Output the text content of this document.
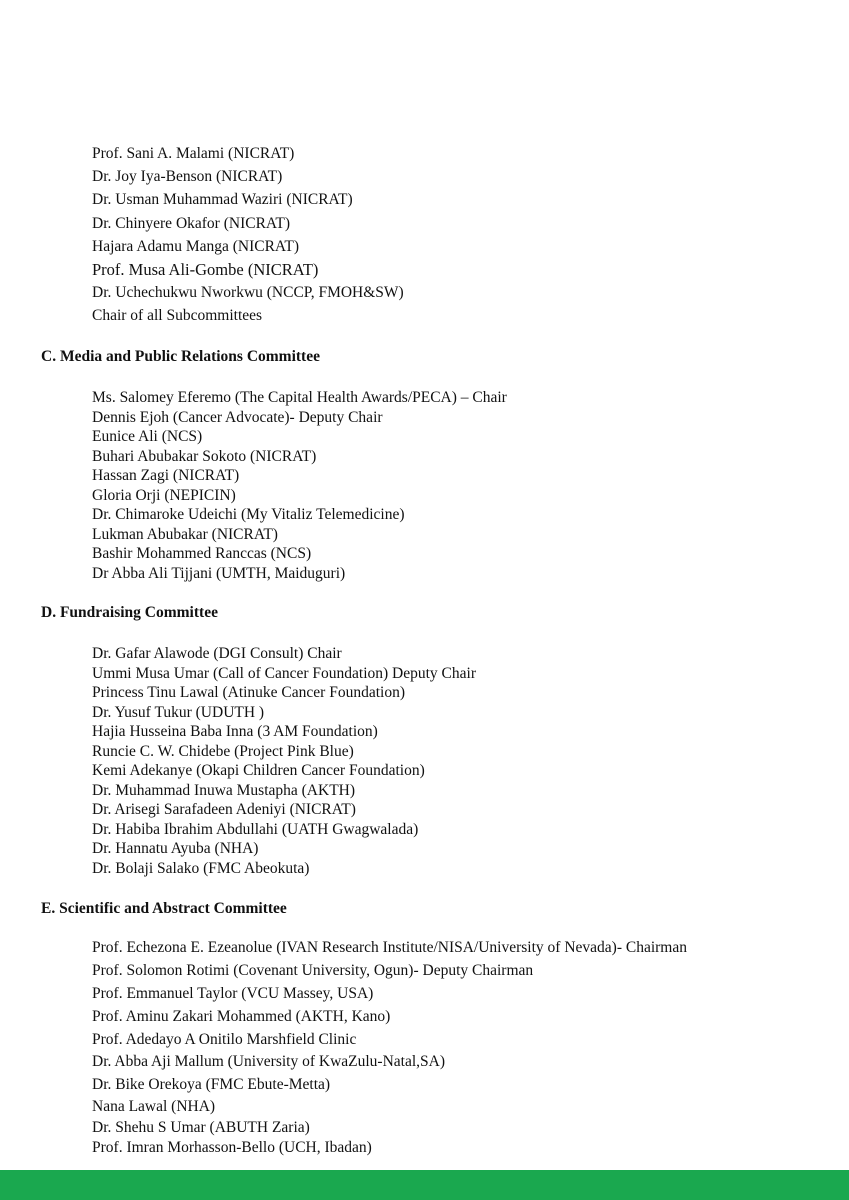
Prof. Sani A. Malami (NICRAT)
Dr. Joy Iya-Benson (NICRAT)
Dr. Usman Muhammad Waziri (NICRAT)
Dr. Chinyere Okafor (NICRAT)
Hajara Adamu Manga (NICRAT)
Prof. Musa Ali-Gombe (NICRAT)
Dr. Uchechukwu Nworkwu (NCCP, FMOH&SW)
Chair of all Subcommittees
C. Media and Public Relations Committee
Ms. Salomey Eferemo (The Capital Health Awards/PECA) – Chair
Dennis Ejoh (Cancer Advocate)- Deputy Chair
Eunice Ali (NCS)
Buhari Abubakar Sokoto (NICRAT)
Hassan Zagi (NICRAT)
Gloria Orji (NEPICIN)
Dr. Chimaroke Udeichi (My Vitaliz Telemedicine)
Lukman Abubakar (NICRAT)
Bashir Mohammed Ranccas (NCS)
Dr Abba Ali Tijjani (UMTH, Maiduguri)
D. Fundraising Committee
Dr. Gafar Alawode (DGI Consult) Chair
Ummi Musa Umar (Call of Cancer Foundation) Deputy Chair
Princess Tinu Lawal (Atinuke Cancer Foundation)
Dr. Yusuf Tukur (UDUTH )
Hajia Husseina Baba Inna (3 AM Foundation)
Runcie C. W. Chidebe (Project Pink Blue)
Kemi Adekanye (Okapi Children Cancer Foundation)
Dr. Muhammad Inuwa Mustapha (AKTH)
Dr. Arisegi Sarafadeen Adeniyi (NICRAT)
Dr. Habiba Ibrahim Abdullahi (UATH Gwagwalada)
Dr. Hannatu Ayuba (NHA)
Dr. Bolaji Salako (FMC Abeokuta)
E. Scientific and Abstract Committee
Prof. Echezona E. Ezeanolue (IVAN Research Institute/NISA/University of Nevada)- Chairman
Prof. Solomon Rotimi (Covenant University, Ogun)- Deputy Chairman
Prof. Emmanuel Taylor (VCU Massey, USA)
Prof. Aminu Zakari Mohammed (AKTH, Kano)
Prof. Adedayo A Onitilo Marshfield Clinic
Dr. Abba Aji Mallum (University of KwaZulu-Natal,SA)
Dr. Bike Orekoya (FMC Ebute-Metta)
Nana Lawal (NHA)
Dr. Shehu S Umar (ABUTH Zaria)
Prof. Imran Morhasson-Bello (UCH, Ibadan)
